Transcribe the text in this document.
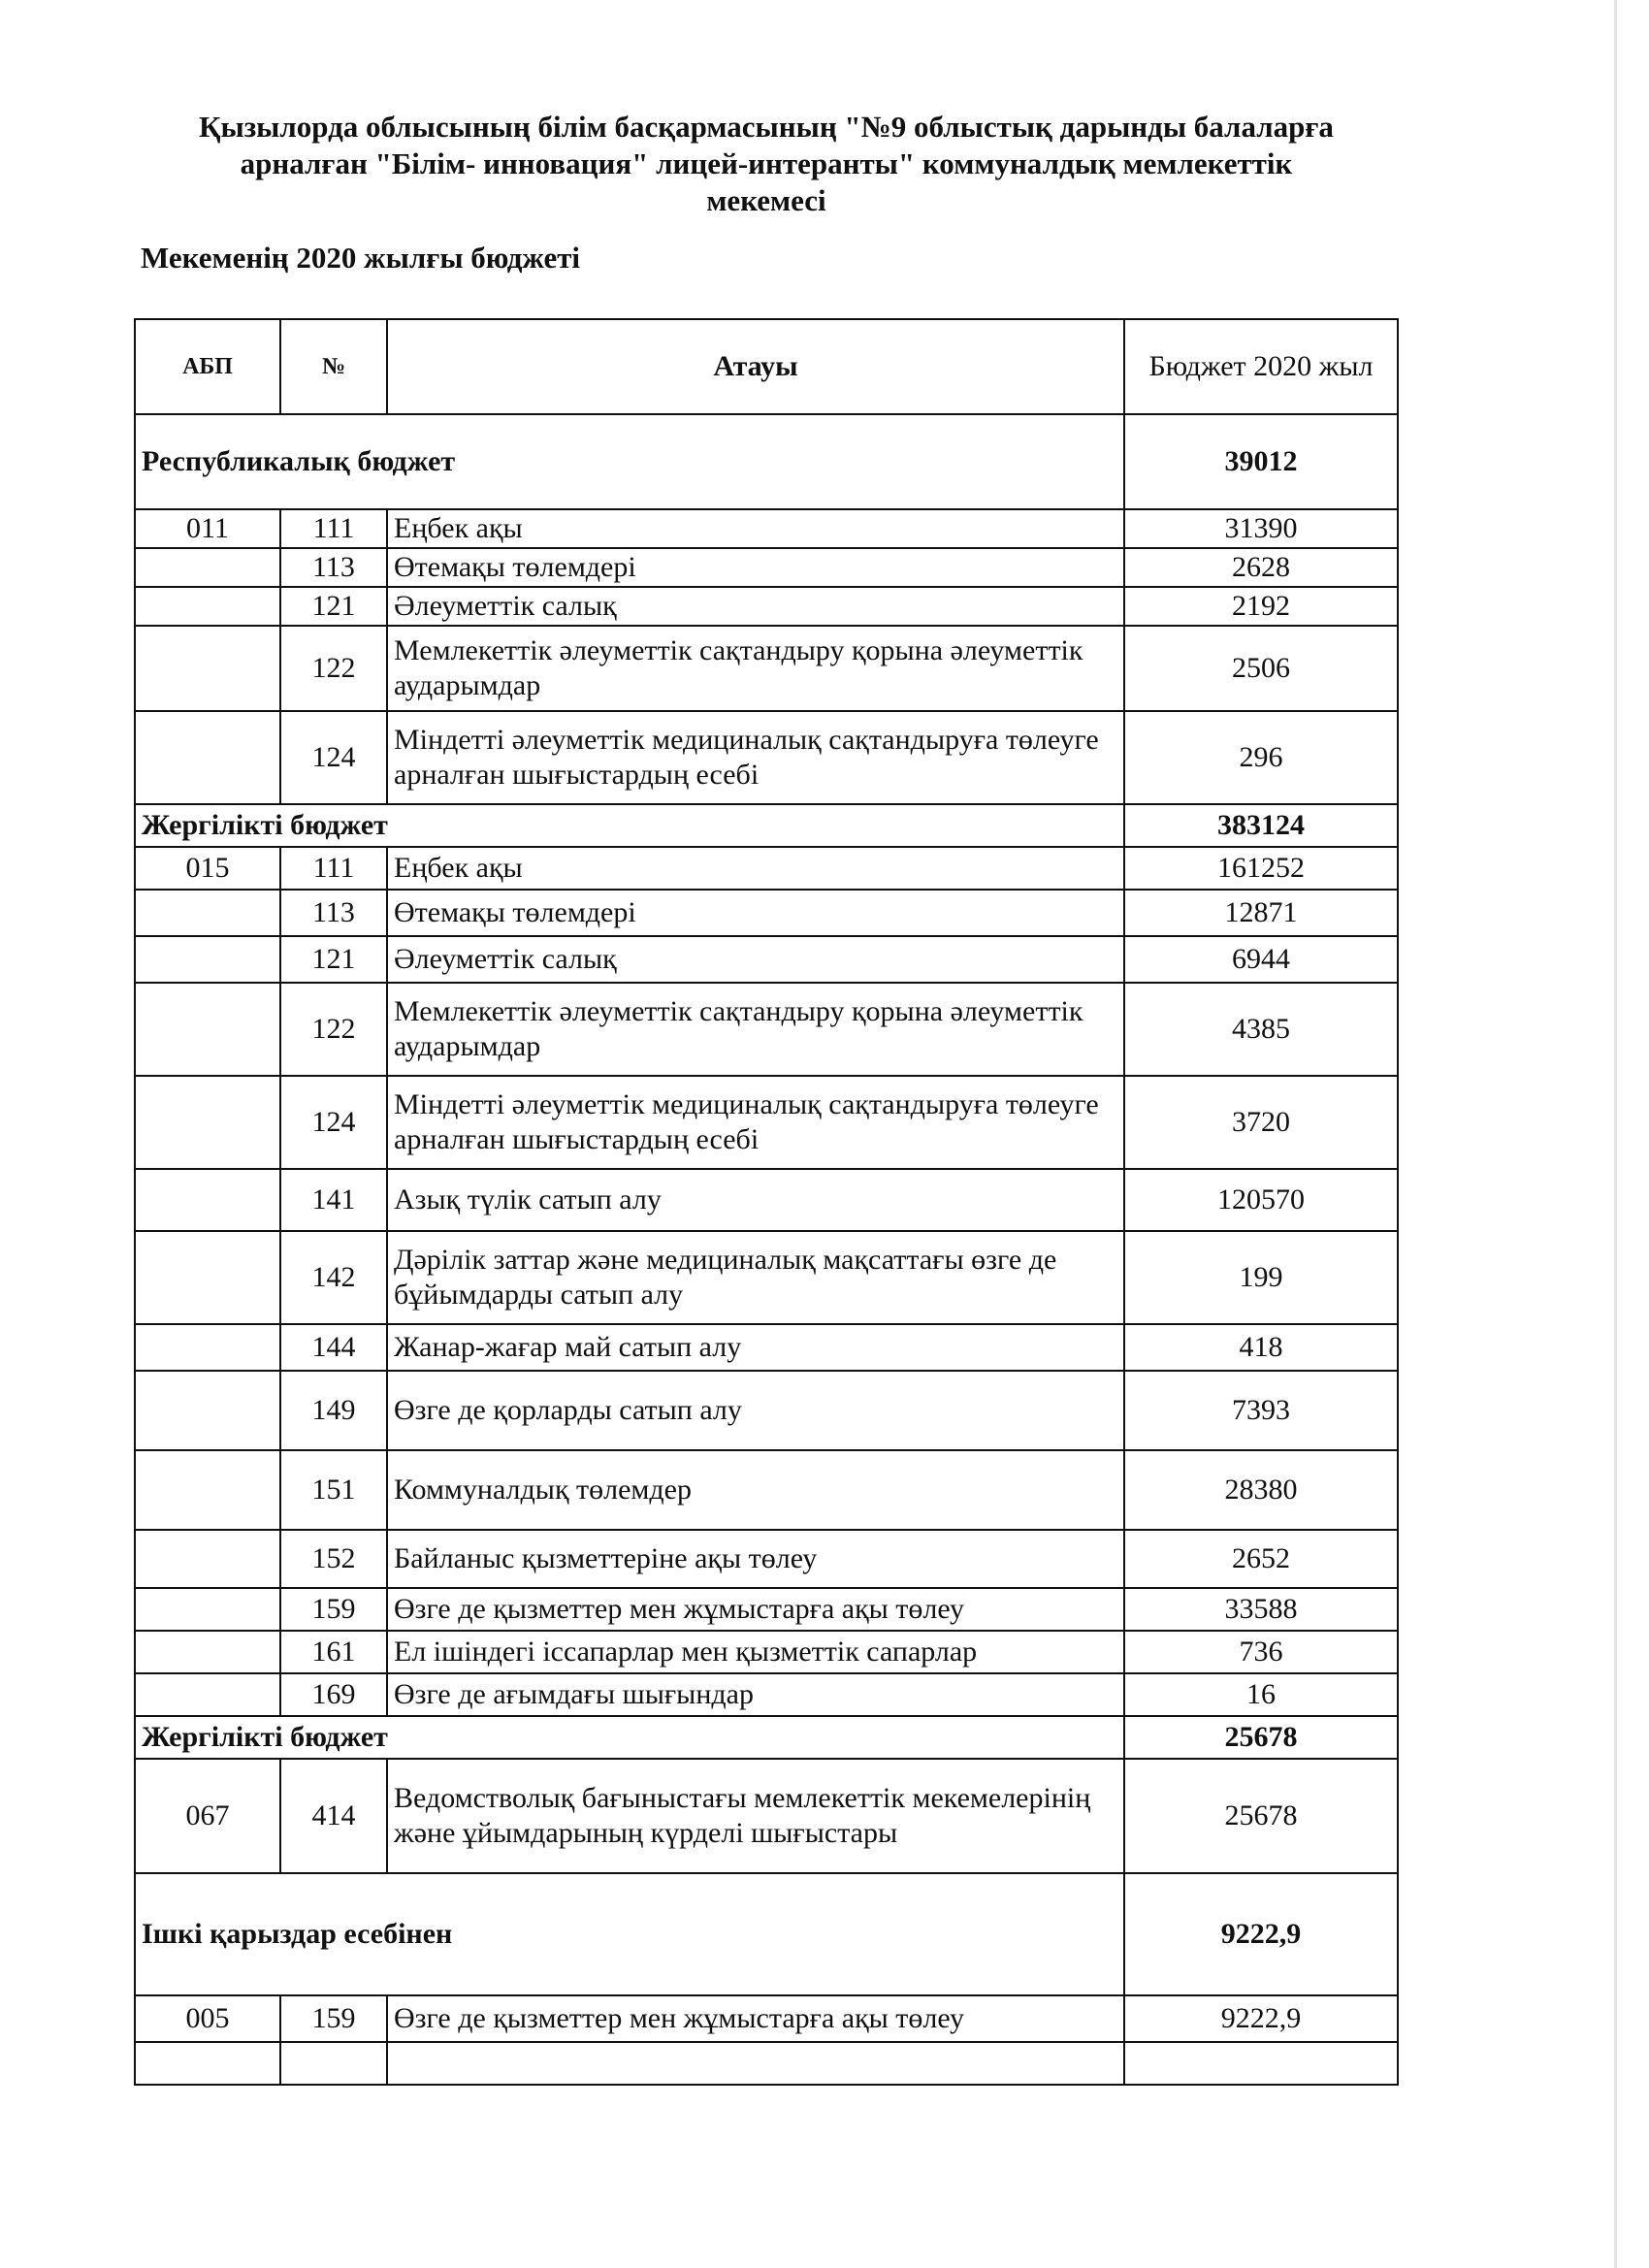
Қызылорда облысының білім басқармасының "№9 облыстық дарынды балаларға
арналған "Білім- инновация" лицей-интеранты" коммуналдық мемлекеттік
мекемесі
Мекеменің 2020 жылғы бюджеті
АБП	№	Атауы	Бюджет 2020 жыл
Республикалық бюджет			39012
011	111	Еңбек ақы	31390
	113	Өтемақы төлемдері	2628
	121	Әлеуметтік салық	2192
	122	Мемлекеттік әлеуметтік сақтандыру қорына әлеуметтік аударымдар	2506
	124	Міндетті әлеуметтік медициналық сақтандыруға төлеуге арналған шығыстардың есебі	296
Жергілікті бюджет			383124
015	111	Еңбек ақы	161252
	113	Өтемақы төлемдері	12871
	121	Әлеуметтік салық	6944
	122	Мемлекеттік әлеуметтік сақтандыру қорына әлеуметтік аударымдар	4385
	124	Міндетті әлеуметтік медициналық сақтандыруға төлеуге арналған шығыстардың есебі	3720
	141	Азық түлік сатып алу	120570
	142	Дәрілік заттар және медициналық мақсаттағы өзге де бұйымдарды сатып алу	199
	144	Жанар-жағар май сатып алу	418
	149	Өзге де қорларды сатып алу	7393
	151	Коммуналдық төлемдер	28380
	152	Байланыс қызметтеріне ақы төлеу	2652
	159	Өзге де қызметтер мен жұмыстарға ақы төлеу	33588
	161	Ел ішіндегі іссапарлар мен қызметтік сапарлар	736
	169	Өзге де ағымдағы шығындар	16
Жергілікті бюджет			25678
067	414	Ведомстволық бағыныстағы мемлекеттік мекемелерінің және ұйымдарының күрделі шығыстары	25678
Ішкі қарыздар есебінен			9222,9
005	159	Өзге де қызметтер мен жұмыстарға ақы төлеу	9222,9
